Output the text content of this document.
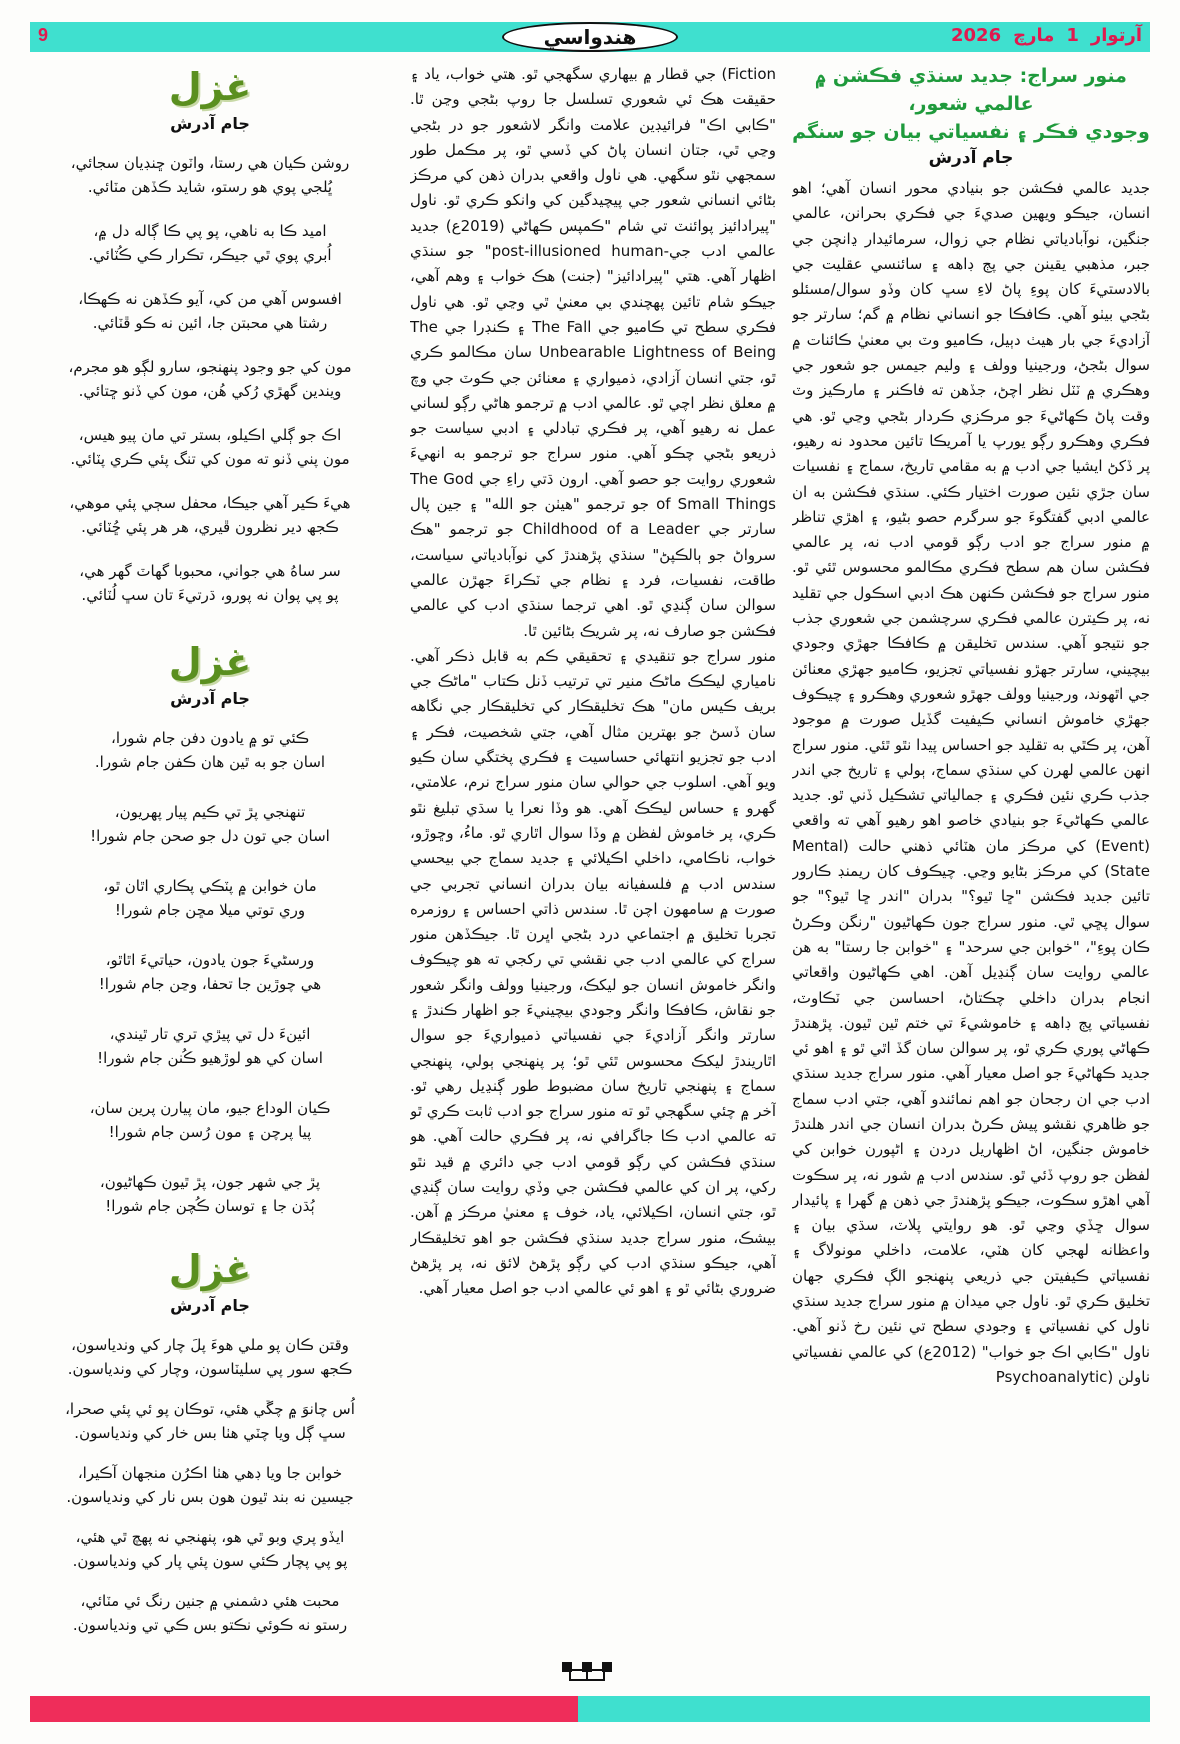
9	آرتوار1مارچ2026
هندواسي
منور سراج: جديد سنڌي فڪشن ۾ عالمي شعور،
وجودي فڪر ۽ نفسياتي بيان جو سنگم
جام آدرش

جديد عالمي فڪشن جو بنيادي محور انسان آهي؛ اهو انسان، جيڪو ويهين صديءَ جي فڪري بحرانن، عالمي جنگين، نوآبادياتي نظام جي زوال، سرمائيدار ڍانچن جي جبر، مذهبي يقينن جي پڄ ڊاهه ۽ سائنسي عقليت جي بالادستيءَ کان پوءِ پاڻ لاءِ سڀ کان وڏو سوال/مسئلو بڻجي بيٺو آهي. ڪافڪا جو انساني نظام ۾ گم؛ سارتر جو آزاديءَ جي بار هيٺ دٻيل، ڪاميو وٽ بي معنيٰ ڪائنات ۾ سوال بڻجڻ، ورجينيا وولف ۽ وليم جيمس جو شعور جي وهڪري ۾ ٽٽل نظر اچڻ، جڏهن ته فاڪنر ۽ مارڪيز وٽ وقت پاڻ ڪهاڻيءَ جو مرڪزي ڪردار بڻجي وڃي ٿو. هي فڪري وهڪرو رڳو يورپ يا آمريڪا تائين محدود نه رهيو، پر ڏکڻ ايشيا جي ادب ۾ به مقامي تاريخ، سماج ۽ نفسيات سان جڙي نئين صورت اختيار ڪئي. سنڌي فڪشن به ان عالمي ادبي گفتگوءَ جو سرگرم حصو بڻيو، ۽ اهڙي تناظر ۾ منور سراج جو ادب رڳو قومي ادب نه، پر عالمي فڪشن سان هم سطح فڪري مڪالمو محسوس ٿئي ٿو. منور سراج جو فڪشن ڪنهن هڪ ادبي اسڪول جي تقليد نه، پر ڪيترن عالمي فڪري سرچشمن جي شعوري جذب جو نتيجو آهي. سندس تخليقن ۾ ڪافڪا جهڙي وجودي بيچيني، سارتر جهڙو نفسياتي تجزيو، ڪاميو جهڙي معنائن جي اٿهوند، ورجينيا وولف جهڙو شعوري وهڪرو ۽ چيڪوف جهڙي خاموش انساني ڪيفيت گڏيل صورت ۾ موجود آهن، پر ڪٿي به تقليد جو احساس پيدا نٿو ٿئي. منور سراج انهن عالمي لهرن کي سنڌي سماج، ٻولي ۽ تاريخ جي اندر جذب ڪري نئين فڪري ۽ جمالياتي تشڪيل ڏني ٿو. جديد عالمي ڪهاڻيءَ جو بنيادي خاصو اهو رهيو آهي ته واقعي (Event) کي مرڪز مان هٽائي ذهني حالت (Mental State) کي مرڪز بڻايو وڃي. چيڪوف کان ريمنڊ ڪارور تائين جديد فڪشن "ڇا ٿيو؟" بدران "اندر ڇا ٿيو؟" جو سوال پڇي ٿي. منور سراج جون ڪهاڻيون "رنگن وڪرڻ ڪان پوءِ"، "خوابن جي سرحد" ۽ "خوابن جا رستا" به هن عالمي روايت سان ڳنڍيل آهن. اهي ڪهاڻيون واقعاتي انجام بدران داخلي چڪتاڻ، احساسن جي ٽڪاوٽ، نفسياتي پڄ ڊاهه ۽ خاموشيءَ تي ختم ٿين ٿيون. پڙهندڙ ڪهاڻي پوري ڪري ٿو، پر سوالن سان گڏ اٿي ٿو ۽ اهو ئي جديد ڪهاڻيءَ جو اصل معيار آهي. منور سراج جديد سنڌي ادب جي ان رجحان جو اهم نمائندو آهي، جتي ادب سماج جو ظاهري نقشو پيش ڪرڻ بدران انسان جي اندر هلندڙ خاموش جنگين، اڻ اظهاريل دردن ۽ اڻپورن خوابن کي لفظن جو روپ ڏئي ٿو. سندس ادب ۾ شور نه، پر سڪوت آهي اهڙو سڪوت، جيڪو پڙهندڙ جي ذهن ۾ گهرا ۽ پائيدار سوال ڇڏي وڃي ٿو. هو روايتي پلاٽ، سڌي بيان ۽ واعظانه لهجي کان هٽي، علامت، داخلي مونولاگ ۽ نفسياتي ڪيفيتن جي ذريعي پنهنجو الڳ فڪري جهان تخليق ڪري ٿو. ناول جي ميدان ۾ منور سراج جديد سنڌي ناول کي نفسياتي ۽ وجودي سطح تي نئين رخ ڏنو آهي. ناول "ڪابي اڪ جو خواب" (2012ع) کي عالمي نفسياتي ناولن (Psychoanalytic

Fiction) جي قطار ۾ بيهاري سگهجي ٿو. هتي خواب، ياد ۽ حقيقت هڪ ئي شعوري تسلسل جا روپ بڻجي وڃن ٿا. "ڪابي اڪ" فرائيڊين علامت وانگر لاشعور جو در بڻجي وڃي ٿي، جتان انسان پاڻ کي ڏسي ٿو، پر مڪمل طور سمجهي نٿو سگهي. هي ناول واقعي بدران ذهن کي مرڪز بڻائي انساني شعور جي پيچيدگين کي وانکو ڪري ٿو. ناول "پيرادائيز پوائنٽ تي شام "ڪمپس ڪهاڻي (2019ع) جديد عالمي ادب جي-post-illusioned human" جو سنڌي اظهار آهي. هتي "پيرادائيز" (جنت) هڪ خواب ۽ وهم آهي، جيڪو شام تائين پهچندي بي معنيٰ ٿي وڃي ٿو. هي ناول فڪري سطح تي ڪاميو جي The Fall ۽ ڪنڊرا جي The Unbearable Lightness of Being سان مڪالمو ڪري ٿو، جتي انسان آزادي، ذميواري ۽ معنائن جي ڪوٽ جي وچ ۾ معلق نظر اچي ٿو. عالمي ادب ۾ ترجمو هاڻي رڳو لساني عمل نه رهيو آهي، پر فڪري تبادلي ۽ ادبي سياست جو ذريعو بڻجي چڪو آهي. منور سراج جو ترجمو به انهيءَ شعوري روايت جو حصو آهي. ارون ڌتي راءِ جي The God of Small Things جو ترجمو "هيٺن جو الله" ۽ جين پال سارتر جي Childhood of a Leader جو ترجمو "هڪ سرواڻ جو ٻالڪپڻ" سنڌي پڙهندڙ کي نوآبادياتي سياست، طاقت، نفسيات، فرد ۽ نظام جي ٽڪراءَ جهڙن عالمي سوالن سان ڳنڍي ٿو. اهي ترجما سنڌي ادب کي عالمي فڪشن جو صارف نه، پر شريڪ بڻائين ٿا.

منور سراج جو تنقيدي ۽ تحقيقي ڪم به قابل ذڪر آهي. نامياري ليڪڪ ماڻڪ منير تي ترتيب ڏنل ڪتاب "ماڻڪ جي بريف ڪيس مان" هڪ تخليقڪار کي تخليقڪار جي نگاهه سان ڏسڻ جو بهترين مثال آهي، جتي شخصيت، فڪر ۽ ادب جو تجزيو انتهائي حساسيت ۽ فڪري پختگي سان ڪيو ويو آهي. اسلوب جي حوالي سان منور سراج نرم، علامتي، گهرو ۽ حساس ليڪڪ آهي. هو وڏا نعرا يا سڌي تبليغ نٿو ڪري، پر خاموش لفظن ۾ وڏا سوال اٿاري ٿو. ماءُ، وڇوڙو، خواب، ناڪامي، داخلي اڪيلائي ۽ جديد سماج جي بيحسي سندس ادب ۾ فلسفيانه بيان بدران انساني تجربي جي صورت ۾ سامهون اچن ٿا. سندس ذاتي احساس ۽ روزمره تجربا تخليق ۾ اجتماعي درد بڻجي اڀرن ٿا. جيڪڏهن منور سراج کي عالمي ادب جي نقشي تي رکجي ته هو چيڪوف وانگر خاموش انسان جو ليکڪ، ورجينيا وولف وانگر شعور جو نقاش، ڪافڪا وانگر وجودي بيچينيءَ جو اظهار ڪندڙ ۽ سارتر وانگر آزاديءَ جي نفسياتي ذميواريءَ جو سوال اٿاريندڙ ليکڪ محسوس ٿئي ٿو؛ پر پنهنجي ٻولي، پنهنجي سماج ۽ پنهنجي تاريخ سان مضبوط طور ڳنڍيل رهي ٿو. آخر ۾ چئي سگهجي ٿو ته منور سراج جو ادب ثابت ڪري ٿو ته عالمي ادب ڪا جاگرافي نه، پر فڪري حالت آهي. هو سنڌي فڪشن کي رڳو قومي ادب جي دائري ۾ قيد نٿو رکي، پر ان کي عالمي فڪشن جي وڏي روايت سان ڳنڍي ٿو، جتي انسان، اڪيلائي، ياد، خوف ۽ معنيٰ مرڪز ۾ آهن. بيشڪ، منور سراج جديد سنڌي فڪشن جو اهو تخليقڪار آهي، جيڪو سنڌي ادب کي رڳو پڙهڻ لائق نه، پر پڙهڻ ضروري بڻائي ٿو ۽ اهو ئي عالمي ادب جو اصل معيار آهي.

غزل
جام آدرش
روشن ڪيان هي رستا، واٽون ڇنڊيان سجائي،
ڀُلجي پوي هو رستو، شايد ڪڏهن مٽائي.
اميد ڪا به ناهي، پو پي ڪا ڳاله دل ۾،
اُبري پوي ٿي جيڪر، تڪرار ڪي ڪُٽائي.
افسوس آهي من کي، آيو ڪڏهن نه ڪهڪا،
رشتا هي محبتن جا، ائين نه ڪو ڦٽائي.
مون کي جو وجود پنهنجو، سارو لڳو هو مجرم،
ويندين گهڙي رُکي هُن، مون کي ڏنو ڇتائي.
اڪ جو ڳلي اڪيلو، بستر تي مان پيو هيس،
مون پني ڏنو ته مون کي تنگ پئي ڪري پٽائي.
هيءَ ڪير آهي جيڪا، محفل سڄي پئي موهي،
ڪجھ دير نظرون ڦيري، هر هر پئي ڇُٽائي.
سر ساهُ هي جواني، محبوبا گهاٽ گهر هي،
پو پي پوان نه پورو، ڌرتيءَ تان سڀ لُٽائي.
غزل
جام آدرش
ڪئي تو ۾ يادون دفن جام شورا،
اسان جو به ٿين هان ڪفن جام شورا.
تنهنجي پڙ تي ڪيم پيار پهريون،
اسان جي تون دل جو صحن جام شورا!
مان خوابن ۾ پٽڪي پڪاري اٿان ٿو،
وري توتي ميلا مڇن جام شورا!
ورسڻيءَ جون يادون، حياتيءَ اٿاٿو،
هي چوڙين جا تحفا، وڃن جام شورا!
ائينءَ دل تي پيڙي تري تار ٿيندي،
اسان کي هو لوڙهيو ڪُنن جام شورا!
ڪيان الوداع جيو، مان پيارن پرين سان،
پيا پرچن ۽ مون رُسن جام شورا!
پڙ جي شهر جون، پڙ ٿيون ڪهاڻيون،
ٻُڌن جا ۽ توسان ڪُچن جام شورا!
غزل
جام آدرش
وقتن ڪان پو ملي هوءَ پلَ چار کي وندياسون،
ڪجھ سور پي سليٽاسون، وچار کي وندياسون.
اُس چانوَ ۾ چڱي هئي، توڪان پو ئي پئي صحرا،
سڀ ڳل ويا چٽي هٺا بس خار کي وندياسون.
خوابن جا ويا ڊهي هٺا اڪرُن منجهان آڪيرا،
جيسين نه بند ٿيون هون بس نار کي وندياسون.
ايڏو پري وبو ٿي هو، پنهنجي نه پهچ ٿي هئي،
پو پي پچار ڪئي سون پئي پار کي وندياسون.
محبت هئي دشمني ۾ جنين رنگ ئي مٽائي،
رستو نه ڪوئي نڪتو بس ڪي تي وندياسون.
